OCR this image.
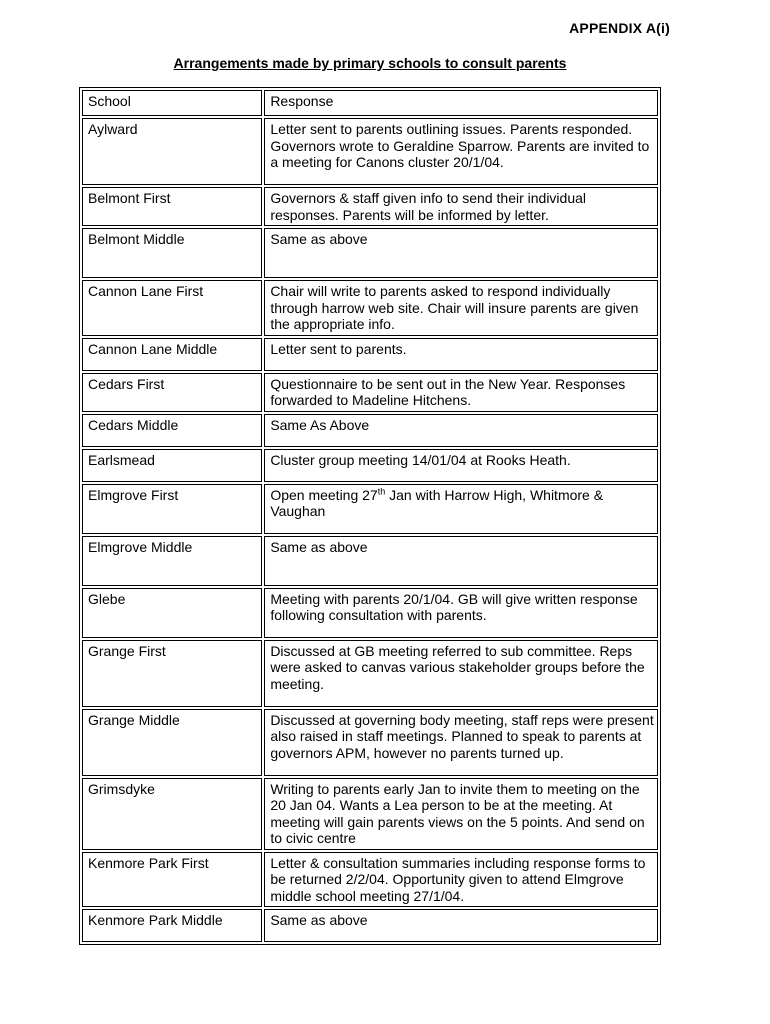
APPENDIX A(i)
Arrangements made by primary schools to consult parents
School	Response
Aylward	Letter sent to parents outlining issues. Parents responded. Governors wrote to Geraldine Sparrow. Parents are invited to a meeting for Canons cluster 20/1/04.
Belmont First	Governors & staff given info to send their individual responses. Parents will be informed by letter.
Belmont Middle	Same as above
Cannon Lane First	Chair will write to parents asked to respond individually through harrow web site. Chair will insure parents are given the appropriate info.
Cannon Lane Middle	Letter sent to parents.
Cedars First	Questionnaire to be sent out in the New Year. Responses forwarded to Madeline Hitchens.
Cedars Middle	Same As Above
Earlsmead	Cluster group meeting 14/01/04 at Rooks Heath.
Elmgrove First	Open meeting 27th Jan with Harrow High, Whitmore & Vaughan
Elmgrove Middle	Same as above
Glebe	Meeting with parents 20/1/04. GB will give written response following consultation with parents.
Grange First	Discussed at GB meeting referred to sub committee. Reps were asked to canvas various stakeholder groups before the meeting.
Grange Middle	Discussed at governing body meeting, staff reps were present also raised in staff meetings. Planned to speak to parents at governors APM, however no parents turned up.
Grimsdyke	Writing to parents early Jan to invite them to meeting on the 20 Jan 04. Wants a Lea person to be at the meeting. At meeting will gain parents views on the 5 points. And send on to civic centre
Kenmore Park First	Letter & consultation summaries including response forms to be returned 2/2/04. Opportunity given to attend Elmgrove middle school meeting 27/1/04.
Kenmore Park Middle	Same as above
